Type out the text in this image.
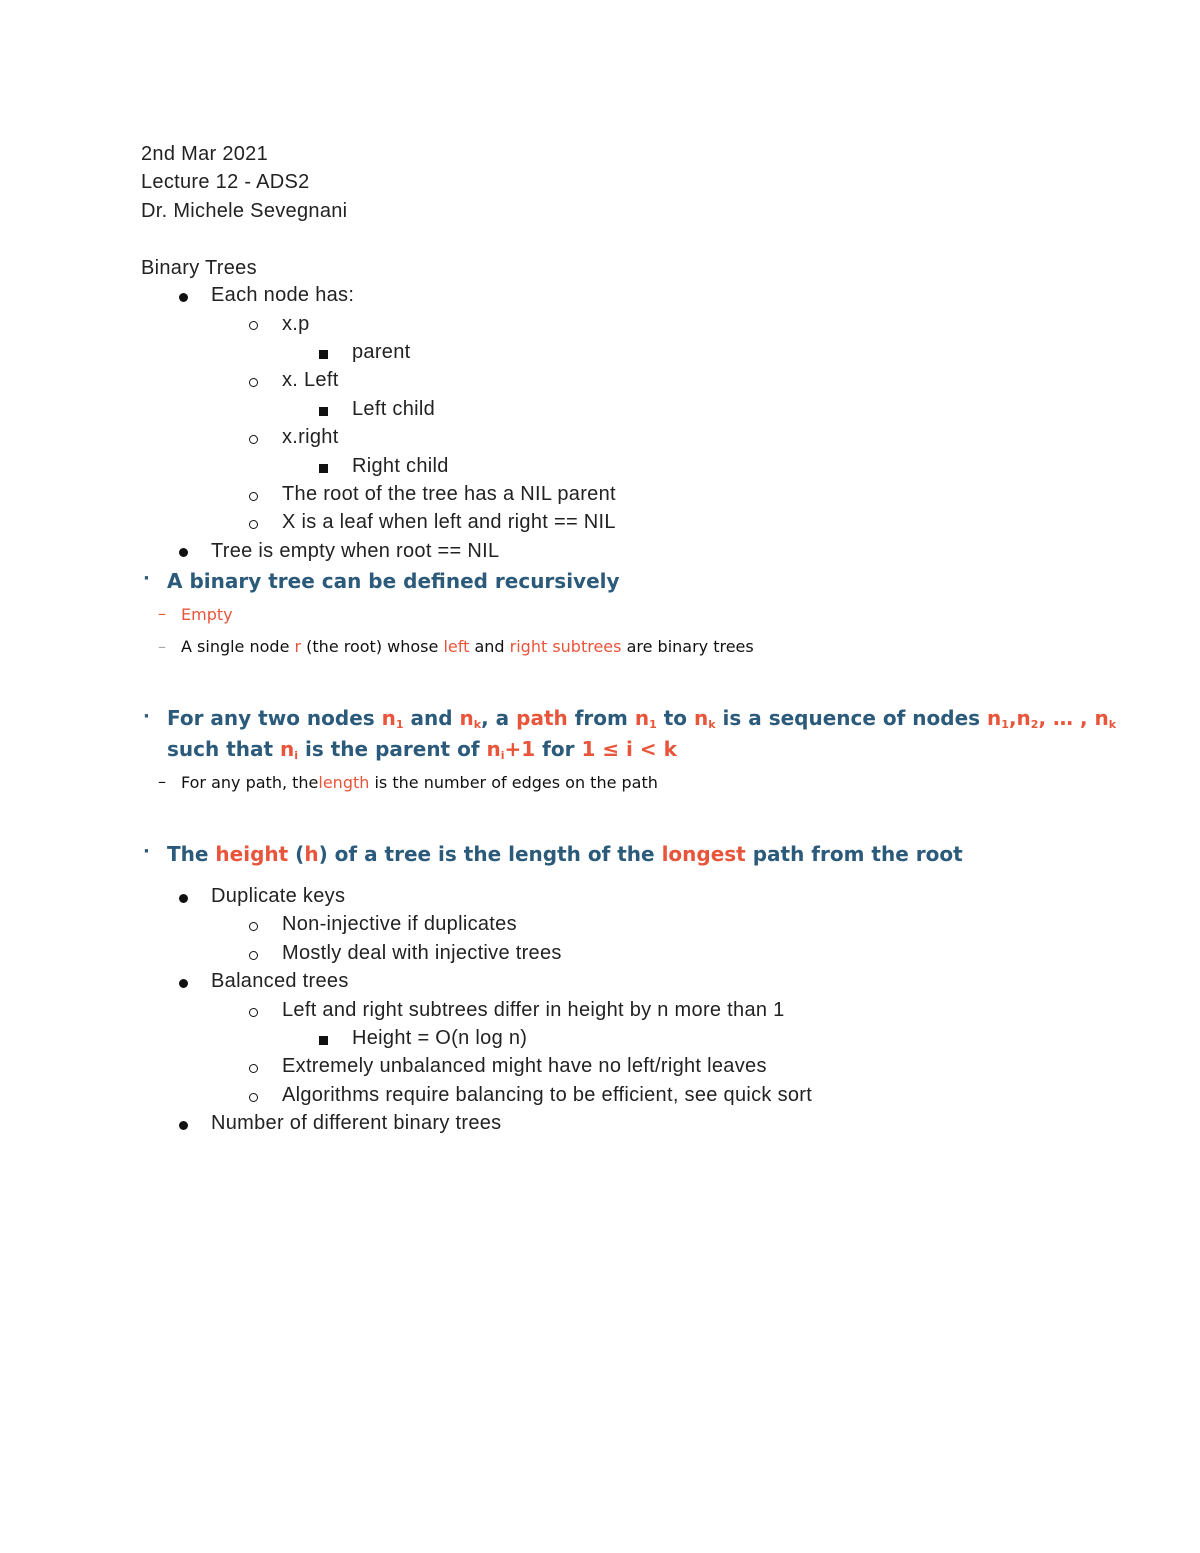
2nd Mar 2021
Lecture 12 - ADS2
Dr. Michele Sevegnani
Binary Trees
Each node has:
x.p
parent
x. Left
Left child
x.right
Right child
The root of the tree has a NIL parent
X is a leaf when left and right == NIL
Tree is empty when root == NIL
· A binary tree can be defined recursively
– Empty
– A single node r (the root) whose left and right subtrees are binary trees
· For any two nodes $n_1$ and $n_k$, a path from $n_1$ to $n_k$ is a sequence of nodes $n_1,n_2$, … , $n_k$
such that $n_i$ is the parent of $n_i+1$ for 1 ≤ i < k
– For any path, thelength is the number of edges on the path
· The height (h) of a tree is the length of the longest path from the root
Duplicate keys
Non-injective if duplicates
Mostly deal with injective trees
Balanced trees
Left and right subtrees differ in height by n more than 1
Height = O(n log n)
Extremely unbalanced might have no left/right leaves
Algorithms require balancing to be efficient, see quick sort
Number of different binary trees
